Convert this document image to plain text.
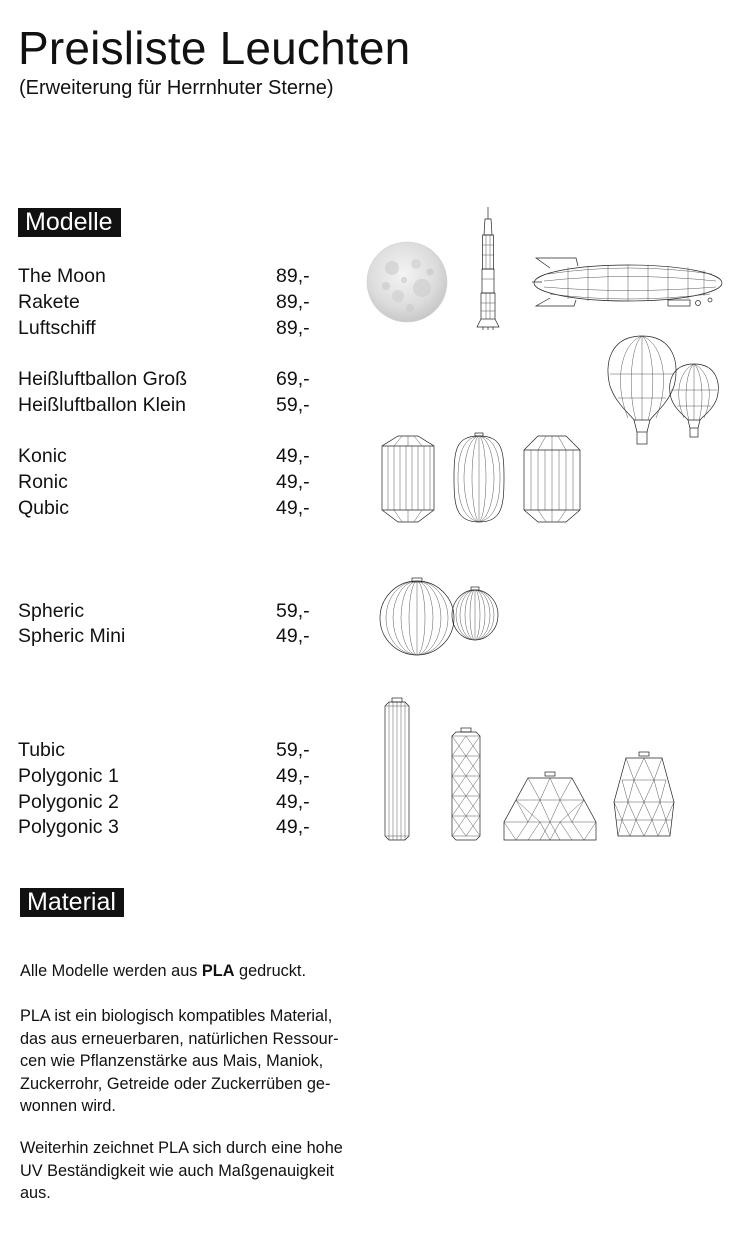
Preisliste Leuchten
(Erweiterung für Herrnhuter Sterne)
Modelle
The Moon	89,-
Rakete	89,-
Luftschiff	89,-
Heißluftballon Groß	69,-
Heißluftballon Klein	59,-
Konic	49,-
Ronic	49,-
Qubic	49,-
Spheric	59,-
Spheric Mini	49,-
Tubic	59,-
Polygonic 1	49,-
Polygonic 2	49,-
Polygonic 3	49,-
Material
Alle Modelle werden aus PLA gedruckt.
PLA ist ein biologisch kompatibles Material,
das aus erneuerbaren, natürlichen Ressour-
cen wie Pflanzenstärke aus Mais, Maniok,
Zuckerrohr, Getreide oder Zuckerrüben ge-
wonnen wird.
Weiterhin zeichnet PLA sich durch eine hohe
UV Beständigkeit wie auch Maßgenauigkeit
aus.
